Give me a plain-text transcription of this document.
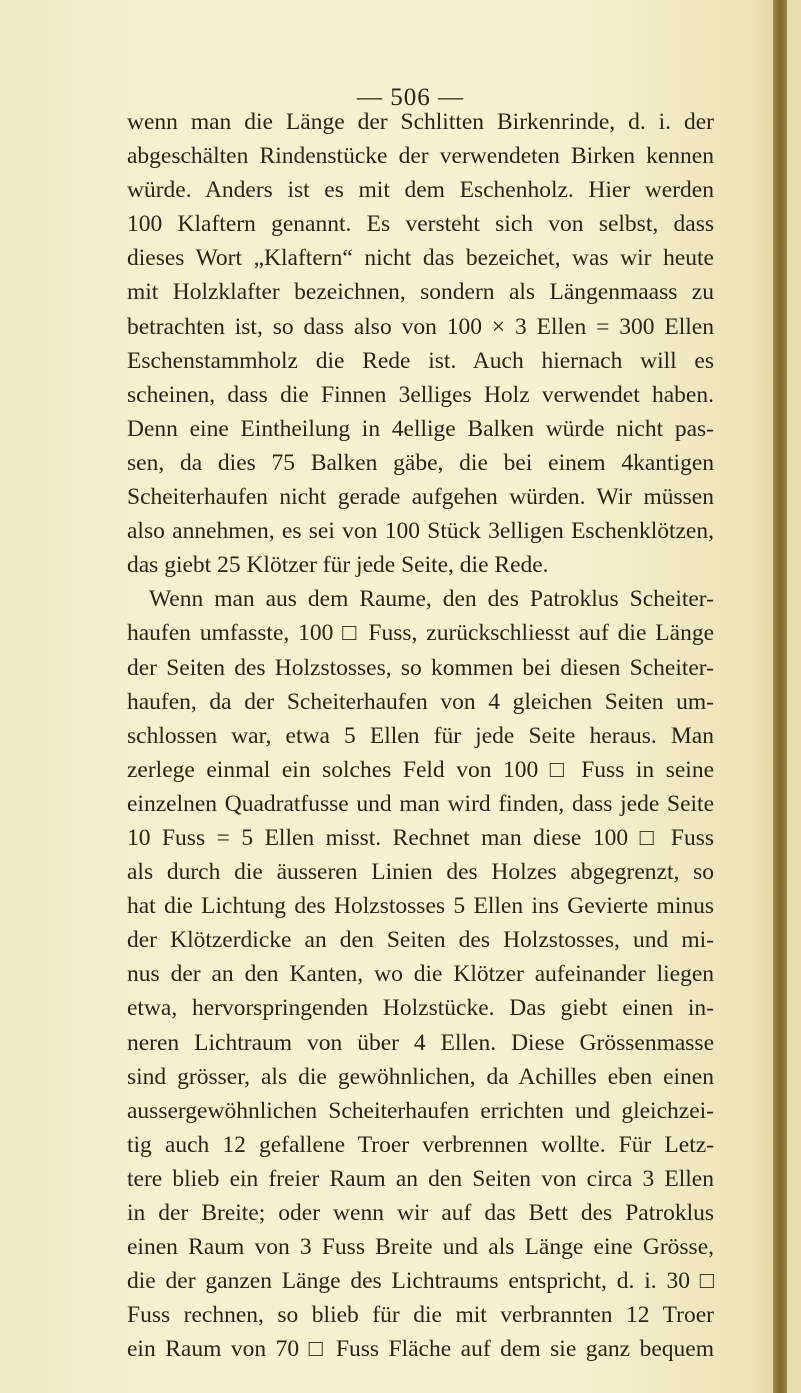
— 506 —
wenn man die Länge der Schlitten Birkenrinde, d. i. der
abgeschälten Rindenstücke der verwendeten Birken kennen
würde. Anders ist es mit dem Eschenholz. Hier werden
100 Klaftern genannt. Es versteht sich von selbst, dass
dieses Wort „Klaftern“ nicht das bezeichet, was wir heute
mit Holzklafter bezeichnen, sondern als Längenmaass zu
betrachten ist, so dass also von 100 × 3 Ellen = 300 Ellen
Eschenstammholz die Rede ist. Auch hiernach will es
scheinen, dass die Finnen 3elliges Holz verwendet haben.
Denn eine Eintheilung in 4ellige Balken würde nicht pas-
sen, da dies 75 Balken gäbe, die bei einem 4kantigen
Scheiterhaufen nicht gerade aufgehen würden. Wir müssen
also annehmen, es sei von 100 Stück 3elligen Eschenklötzen,
das giebt 25 Klötzer für jede Seite, die Rede.
Wenn man aus dem Raume, den des Patroklus Scheiter-
haufen umfasste, 100 □ Fuss, zurückschliesst auf die Länge
der Seiten des Holzstosses, so kommen bei diesen Scheiter-
haufen, da der Scheiterhaufen von 4 gleichen Seiten um-
schlossen war, etwa 5 Ellen für jede Seite heraus. Man
zerlege einmal ein solches Feld von 100 □ Fuss in seine
einzelnen Quadratfusse und man wird finden, dass jede Seite
10 Fuss = 5 Ellen misst. Rechnet man diese 100 □ Fuss
als durch die äusseren Linien des Holzes abgegrenzt, so
hat die Lichtung des Holzstosses 5 Ellen ins Gevierte minus
der Klötzerdicke an den Seiten des Holzstosses, und mi-
nus der an den Kanten, wo die Klötzer aufeinander liegen
etwa, hervorspringenden Holzstücke. Das giebt einen in-
neren Lichtraum von über 4 Ellen. Diese Grössenmasse
sind grösser, als die gewöhnlichen, da Achilles eben einen
aussergewöhnlichen Scheiterhaufen errichten und gleichzei-
tig auch 12 gefallene Troer verbrennen wollte. Für Letz-
tere blieb ein freier Raum an den Seiten von circa 3 Ellen
in der Breite; oder wenn wir auf das Bett des Patroklus
einen Raum von 3 Fuss Breite und als Länge eine Grösse,
die der ganzen Länge des Lichtraums entspricht, d. i. 30 □
Fuss rechnen, so blieb für die mit verbrannten 12 Troer
ein Raum von 70 □ Fuss Fläche auf dem sie ganz bequem
